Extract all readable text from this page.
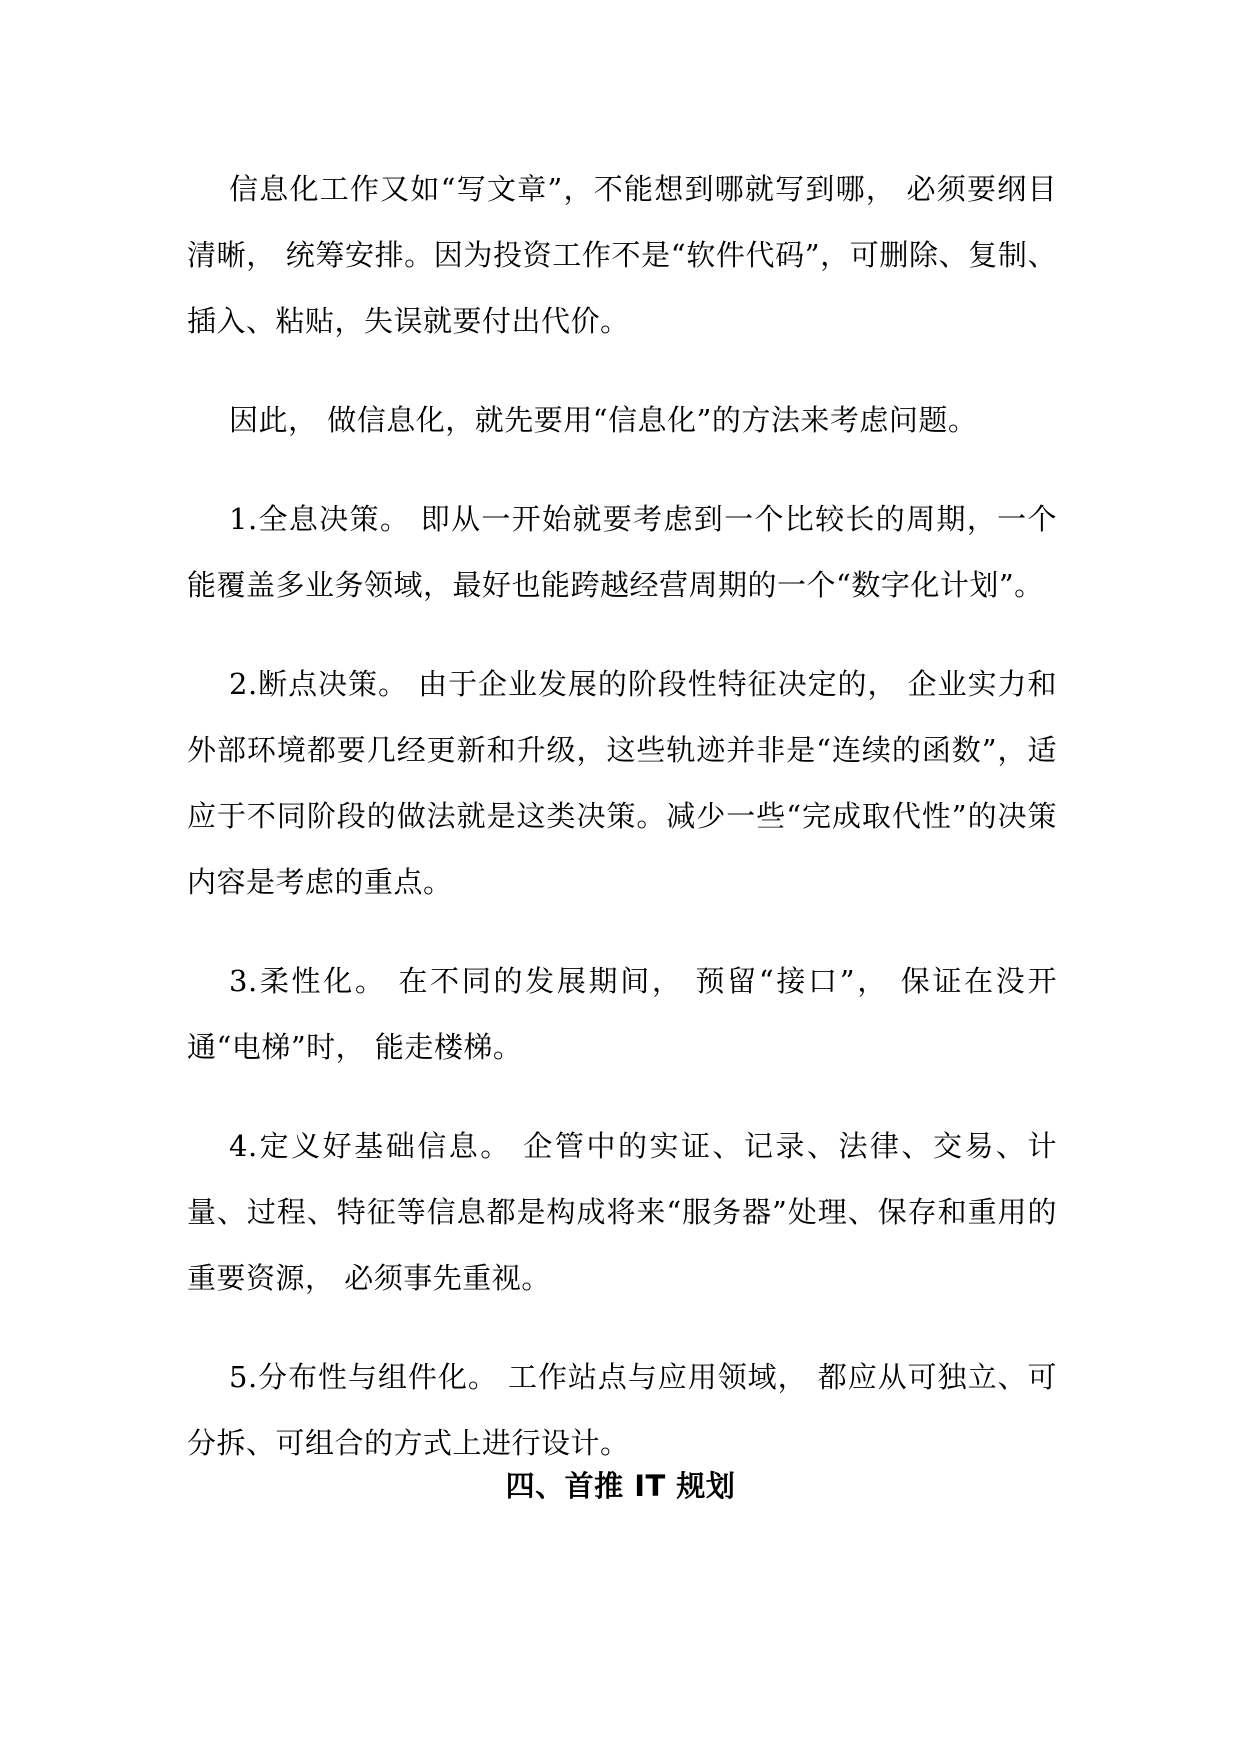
信息化工作又如“写文章”，不能想到哪就写到哪， 必须要纲目清晰， 统筹安排。因为投资工作不是“软件代码”，可删除、复制、插入、粘贴，失误就要付出代价。

因此， 做信息化，就先要用“信息化”的方法来考虑问题。

1.全息决策。 即从一开始就要考虑到一个比较长的周期，一个能覆盖多业务领域，最好也能跨越经营周期的一个“数字化计划”。

2.断点决策。 由于企业发展的阶段性特征决定的， 企业实力和外部环境都要几经更新和升级，这些轨迹并非是“连续的函数”，适应于不同阶段的做法就是这类决策。减少一些“完成取代性”的决策内容是考虑的重点。

3.柔性化。 在不同的发展期间， 预留“接口”， 保证在没开通“电梯”时， 能走楼梯。

4.定义好基础信息。 企管中的实证、记录、法律、交易、计量、过程、特征等信息都是构成将来“服务器”处理、保存和重用的重要资源， 必须事先重视。

5.分布性与组件化。 工作站点与应用领域， 都应从可独立、可分拆、可组合的方式上进行设计。

四、首推 IT 规划
